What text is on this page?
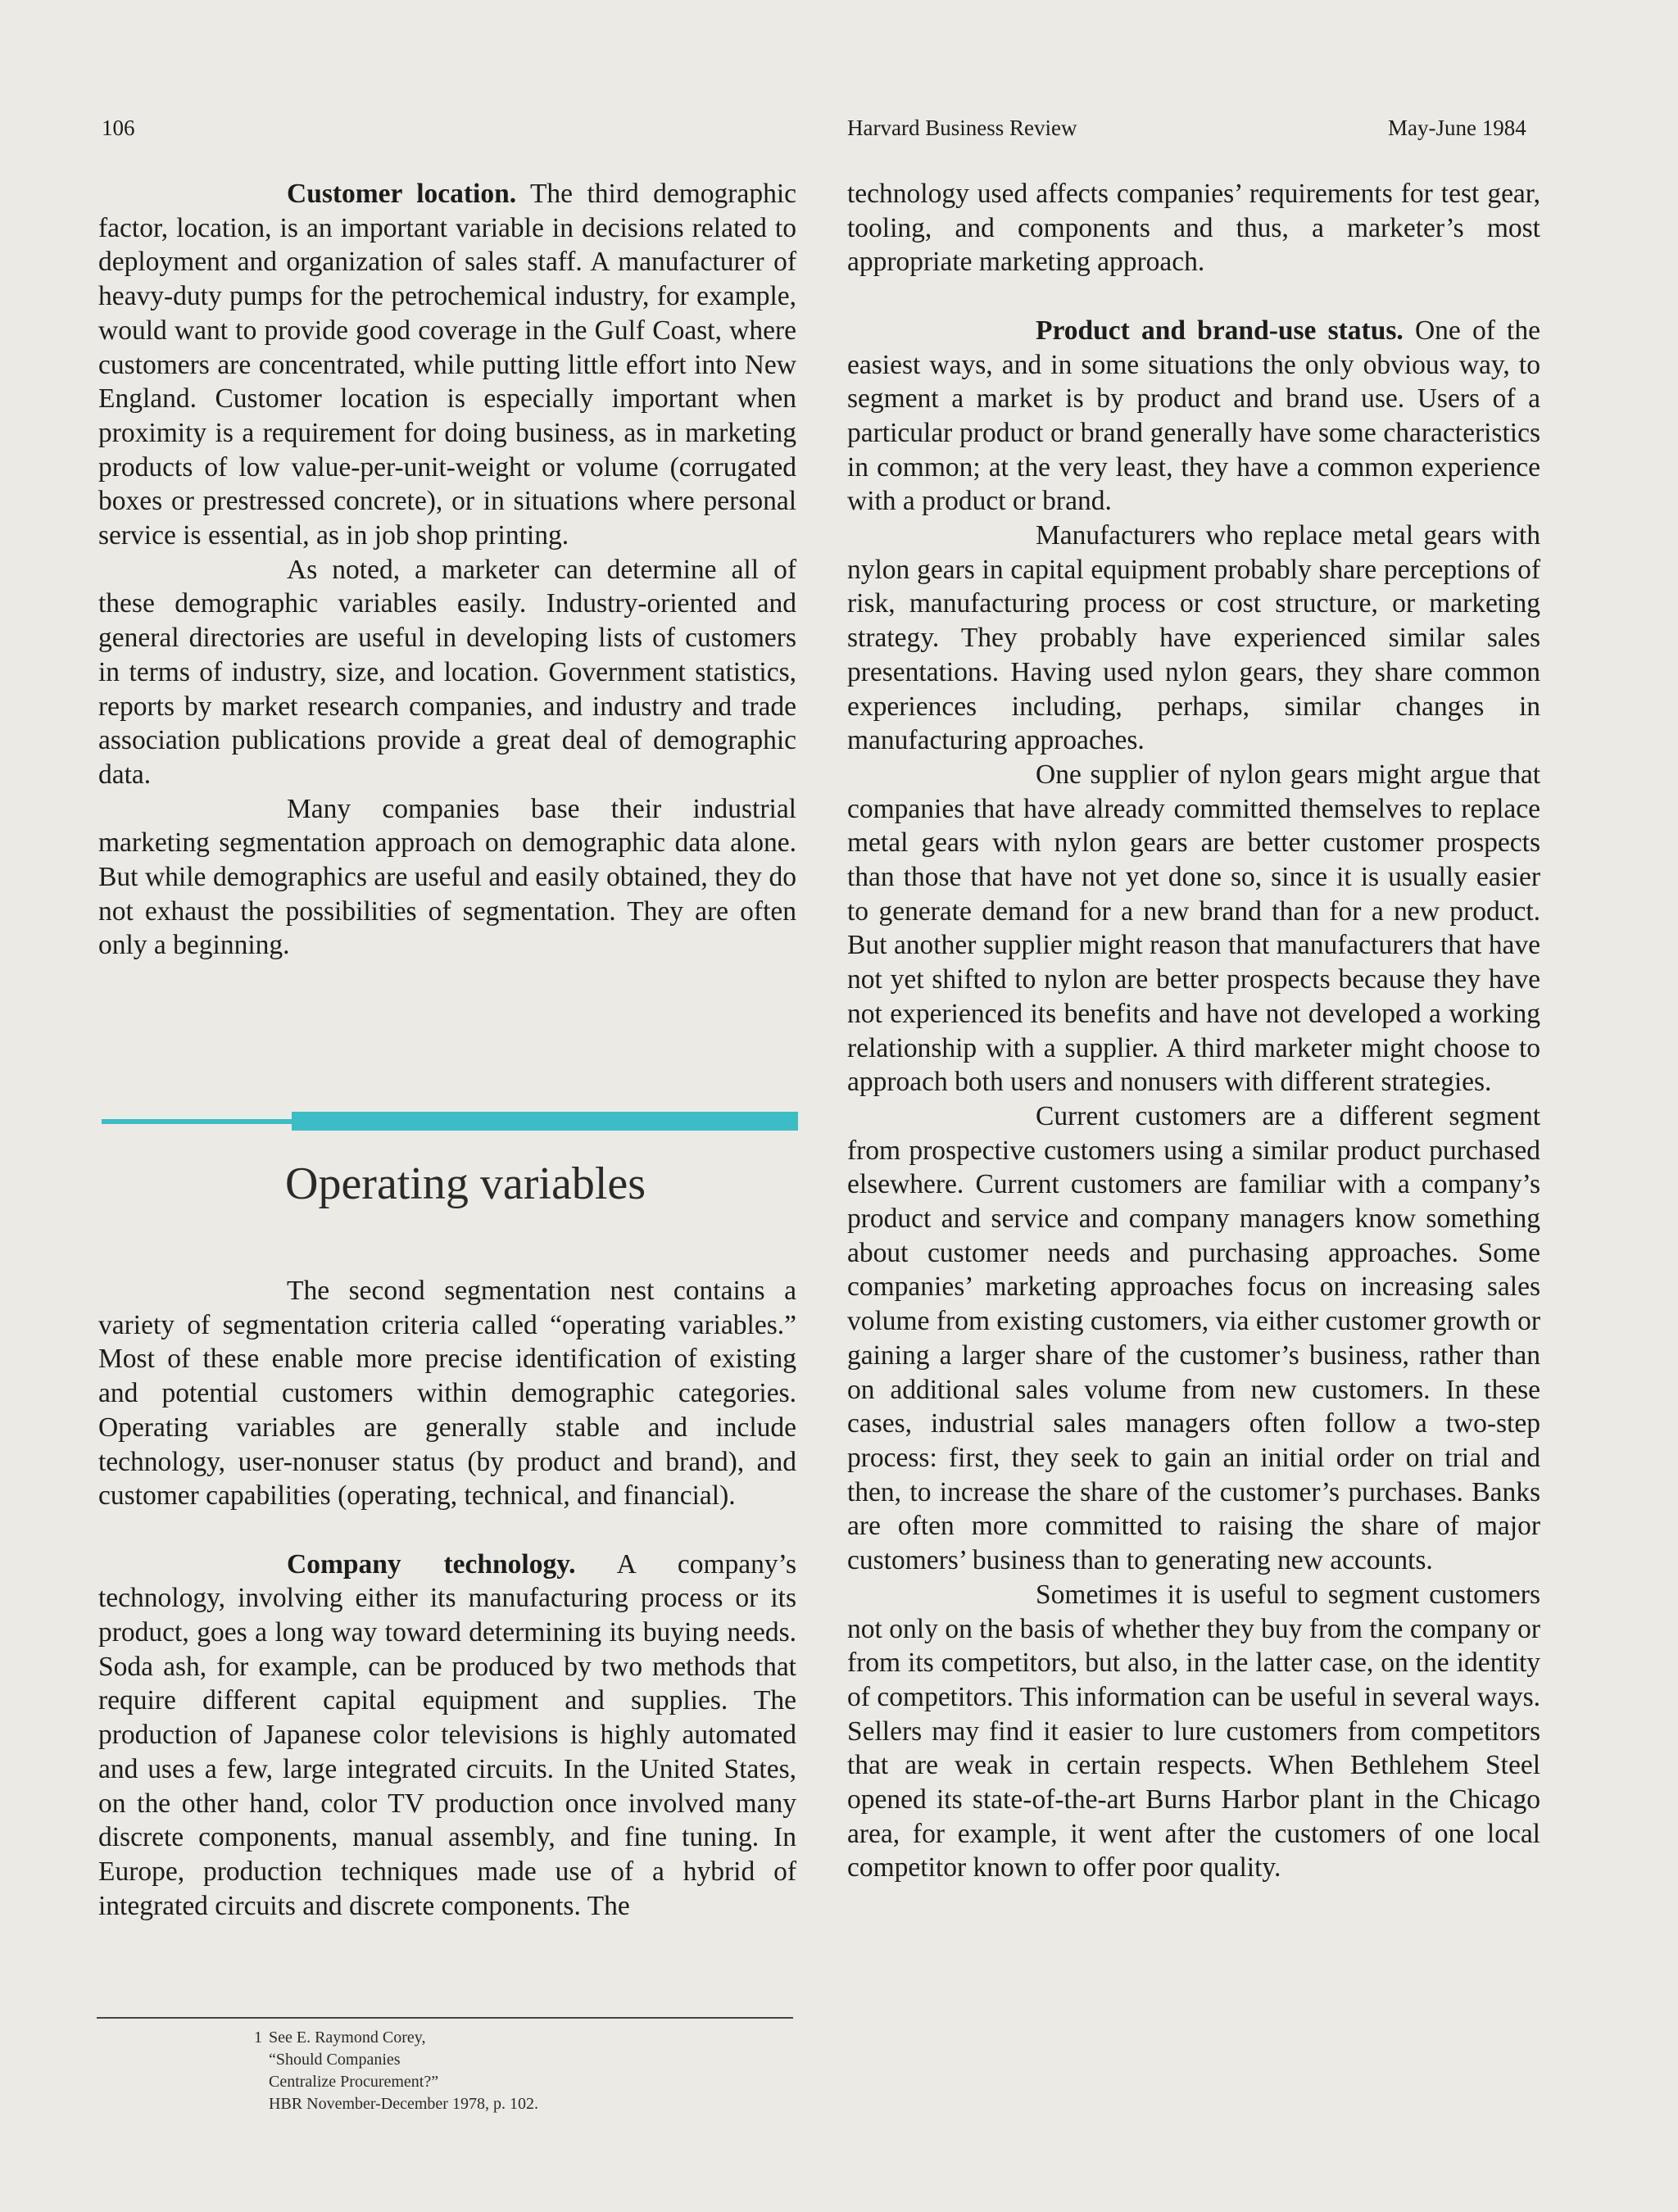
106	Harvard Business Review	May-June 1984

Customer location. The third demographic factor, location, is an important variable in decisions related to deployment and organization of sales staff. A manufacturer of heavy-duty pumps for the petrochemical industry, for example, would want to provide good coverage in the Gulf Coast, where customers are concentrated, while putting little effort into New England. Customer location is especially important when proximity is a requirement for doing business, as in marketing products of low value-per-unit-weight or volume (corrugated boxes or prestressed concrete), or in situations where personal service is essential, as in job shop printing.

As noted, a marketer can determine all of these demographic variables easily. Industry-oriented and general directories are useful in developing lists of customers in terms of industry, size, and location. Government statistics, reports by market research companies, and industry and trade association publications provide a great deal of demographic data.

Many companies base their industrial marketing segmentation approach on demographic data alone. But while demographics are useful and easily obtained, they do not exhaust the possibilities of segmentation. They are often only a beginning.

Operating variables

The second segmentation nest contains a variety of segmentation criteria called “operating variables.” Most of these enable more precise identification of existing and potential customers within demographic categories. Operating variables are generally stable and include technology, user-nonuser status (by product and brand), and customer capabilities (operating, technical, and financial).

Company technology. A company’s technology, involving either its manufacturing process or its product, goes a long way toward determining its buying needs. Soda ash, for example, can be produced by two methods that require different capital equipment and supplies. The production of Japanese color televisions is highly automated and uses a few, large integrated circuits. In the United States, on the other hand, color TV production once involved many discrete components, manual assembly, and fine tuning. In Europe, production techniques made use of a hybrid of integrated circuits and discrete components. The

1 See E. Raymond Corey,
“Should Companies
Centralize Procurement?”
HBR November-December 1978, p. 102.

technology used affects companies’ requirements for test gear, tooling, and components and thus, a marketer’s most appropriate marketing approach.

Product and brand-use status. One of the easiest ways, and in some situations the only obvious way, to segment a market is by product and brand use. Users of a particular product or brand generally have some characteristics in common; at the very least, they have a common experience with a product or brand.

Manufacturers who replace metal gears with nylon gears in capital equipment probably share perceptions of risk, manufacturing process or cost structure, or marketing strategy. They probably have experienced similar sales presentations. Having used nylon gears, they share common experiences including, perhaps, similar changes in manufacturing approaches.

One supplier of nylon gears might argue that companies that have already committed themselves to replace metal gears with nylon gears are better customer prospects than those that have not yet done so, since it is usually easier to generate demand for a new brand than for a new product. But another supplier might reason that manufacturers that have not yet shifted to nylon are better prospects because they have not experienced its benefits and have not developed a working relationship with a supplier. A third marketer might choose to approach both users and nonusers with different strategies.

Current customers are a different segment from prospective customers using a similar product purchased elsewhere. Current customers are familiar with a company’s product and service and company managers know something about customer needs and purchasing approaches. Some companies’ marketing approaches focus on increasing sales volume from existing customers, via either customer growth or gaining a larger share of the customer’s business, rather than on additional sales volume from new customers. In these cases, industrial sales managers often follow a two-step process: first, they seek to gain an initial order on trial and then, to increase the share of the customer’s purchases. Banks are often more committed to raising the share of major customers’ business than to generating new accounts.

Sometimes it is useful to segment customers not only on the basis of whether they buy from the company or from its competitors, but also, in the latter case, on the identity of competitors. This information can be useful in several ways. Sellers may find it easier to lure customers from competitors that are weak in certain respects. When Bethlehem Steel opened its state-of-the-art Burns Harbor plant in the Chicago area, for example, it went after the customers of one local competitor known to offer poor quality.
